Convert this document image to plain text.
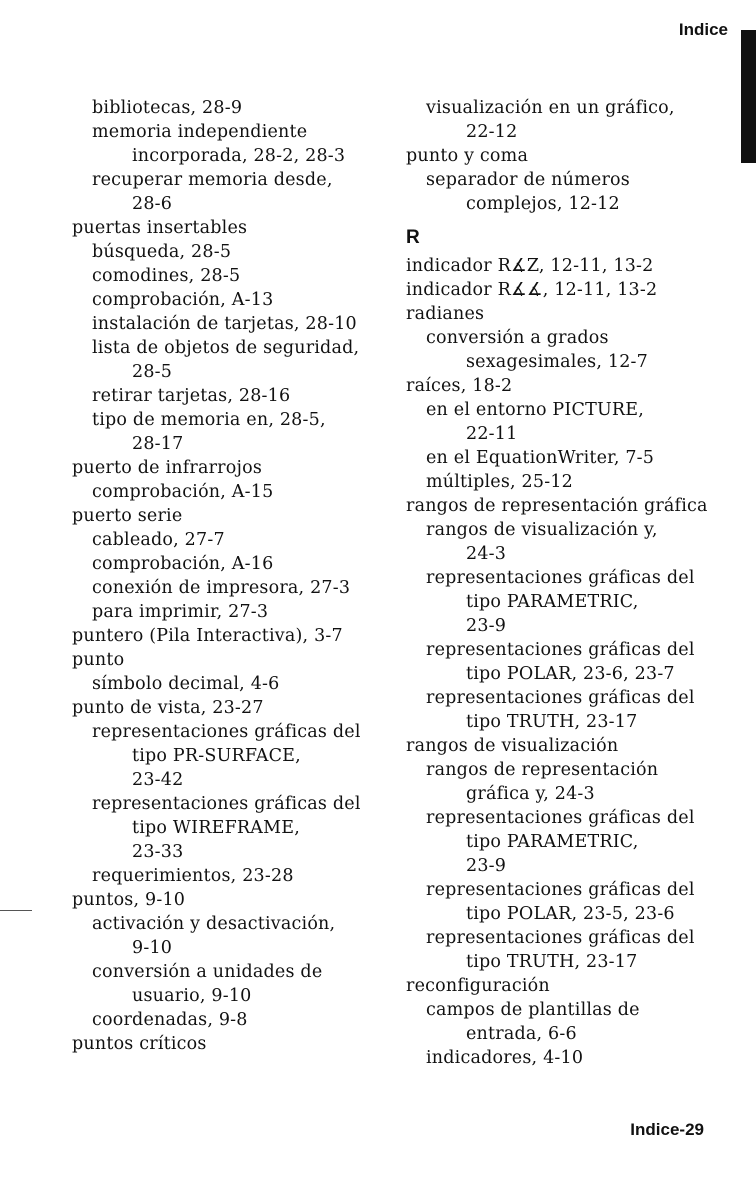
Indice
bibliotecas, 28-9
memoria independiente
incorporada, 28-2, 28-3
recuperar memoria desde,
28-6
puertas insertables
búsqueda, 28-5
comodines, 28-5
comprobación, A-13
instalación de tarjetas, 28-10
lista de objetos de seguridad,
28-5
retirar tarjetas, 28-16
tipo de memoria en, 28-5,
28-17
puerto de infrarrojos
comprobación, A-15
puerto serie
cableado, 27-7
comprobación, A-16
conexión de impresora, 27-3
para imprimir, 27-3
puntero (Pila Interactiva), 3-7
punto
símbolo decimal, 4-6
punto de vista, 23-27
representaciones gráficas del
tipo PR-SURFACE,
23-42
representaciones gráficas del
tipo WIREFRAME,
23-33
requerimientos, 23-28
puntos, 9-10
activación y desactivación,
9-10
conversión a unidades de
usuario, 9-10
coordenadas, 9-8
puntos críticos
visualización en un gráfico,
22-12
punto y coma
separador de números
complejos, 12-12
R
indicador R∡Z, 12-11, 13-2
indicador R∡∡, 12-11, 13-2
radianes
conversión a grados
sexagesimales, 12-7
raíces, 18-2
en el entorno PICTURE,
22-11
en el EquationWriter, 7-5
múltiples, 25-12
rangos de representación gráfica
rangos de visualización y,
24-3
representaciones gráficas del
tipo PARAMETRIC,
23-9
representaciones gráficas del
tipo POLAR, 23-6, 23-7
representaciones gráficas del
tipo TRUTH, 23-17
rangos de visualización
rangos de representación
gráfica y, 24-3
representaciones gráficas del
tipo PARAMETRIC,
23-9
representaciones gráficas del
tipo POLAR, 23-5, 23-6
representaciones gráficas del
tipo TRUTH, 23-17
reconfiguración
campos de plantillas de
entrada, 6-6
indicadores, 4-10
Indice-29
